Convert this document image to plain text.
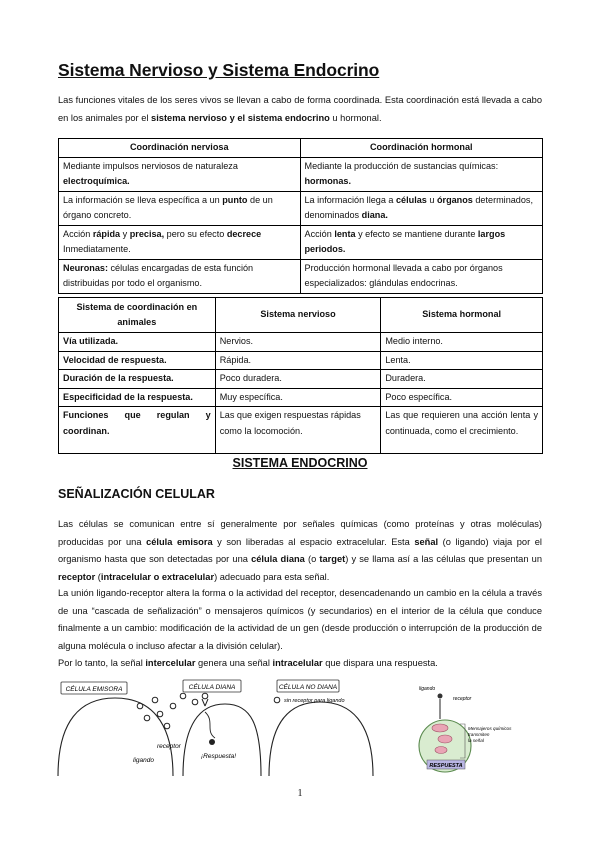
Sistema Nervioso y Sistema Endocrino
Las funciones vitales de los seres vivos se llevan a cabo de forma coordinada. Esta coordinación está llevada a cabo en los animales por el sistema nervioso y el sistema endocrino u hormonal.
Coordinación nerviosa	Coordinación hormonal
Mediante impulsos nerviosos de naturaleza electroquímica.	Mediante la producción de sustancias químicas: hormonas.
La información se lleva específica a un punto de un órgano concreto.	La información llega a células u órganos determinados, denominados diana.
Acción rápida y precisa, pero su efecto decrece Inmediatamente.	Acción lenta y efecto se mantiene durante largos periodos.
Neuronas: células encargadas de esta función distribuidas por todo el organismo.	Producción hormonal llevada a cabo por órganos especializados: glándulas endocrinas.
Sistema de coordinación en animales	Sistema nervioso	Sistema hormonal
Vía utilizada.	Nervios.	Medio interno.
Velocidad de respuesta.	Rápida.	Lenta.
Duración de la respuesta.	Poco duradera.	Duradera.
Especificidad de la respuesta.	Muy específica.	Poco específica.
Funciones que regulan y coordinan.	Las que exigen respuestas rápidas como la locomoción.	Las que requieren una acción lenta y continuada, como el crecimiento.
SISTEMA ENDOCRINO
SEÑALIZACIÓN CELULAR
Las células se comunican entre sí generalmente por señales químicas (como proteínas y otras moléculas) producidas por una célula emisora y son liberadas al espacio extracelular. Esta señal (o ligando) viaja por el organismo hasta que son detectadas por una célula diana (o target) y se llama así a las células que presentan un receptor (intracelular o extracelular) adecuado para esta señal.
La unión ligando-receptor altera la forma o la actividad del receptor, desencadenando un cambio en la célula a través de una “cascada de señalización” o mensajeros químicos (y secundarios) en el interior de la célula que conduce finalmente a un cambio: modificación de la actividad de un gen (desde producción o interrupción de la producción de alguna molécula o incluso afectar a la división celular).
Por lo tanto, la señal intercelular genera una señal intracelular que dispara una respuesta.
CÉLULA EMISORA	CÉLULA DIANA
receptor
ligando
¡Respuesta!
CÉLULA NO DIANA
sin receptor para ligando
ligando
receptor
Mensajeros químicos transmiten la señal
RESPUESTA
1
